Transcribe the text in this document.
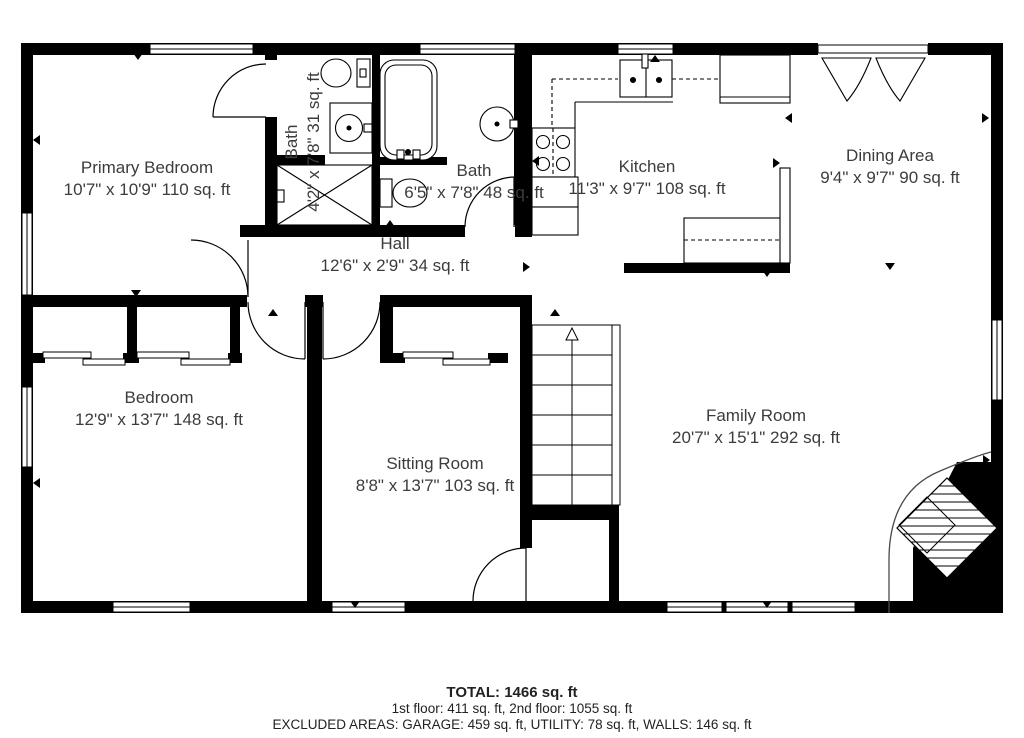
Primary Bedroom
10'7" x 10'9" 110 sq. ft
Bath 4'2" x 7'8" 31 sq. ft	Bath
6'5" x 7'8" 48 sq. ft
Kitchen
11'3" x 9'7" 108 sq. ft
Dining Area
9'4" x 9'7" 90 sq. ft
Hall
12'6" x 2'9" 34 sq. ft
Bedroom
12'9" x 13'7" 148 sq. ft
Sitting Room
8'8" x 13'7" 103 sq. ft
Family Room
20'7" x 15'1" 292 sq. ft
TOTAL: 1466 sq. ft
1st floor: 411 sq. ft, 2nd floor: 1055 sq. ft
EXCLUDED AREAS: GARAGE: 459 sq. ft, UTILITY: 78 sq. ft, WALLS: 146 sq. ft
